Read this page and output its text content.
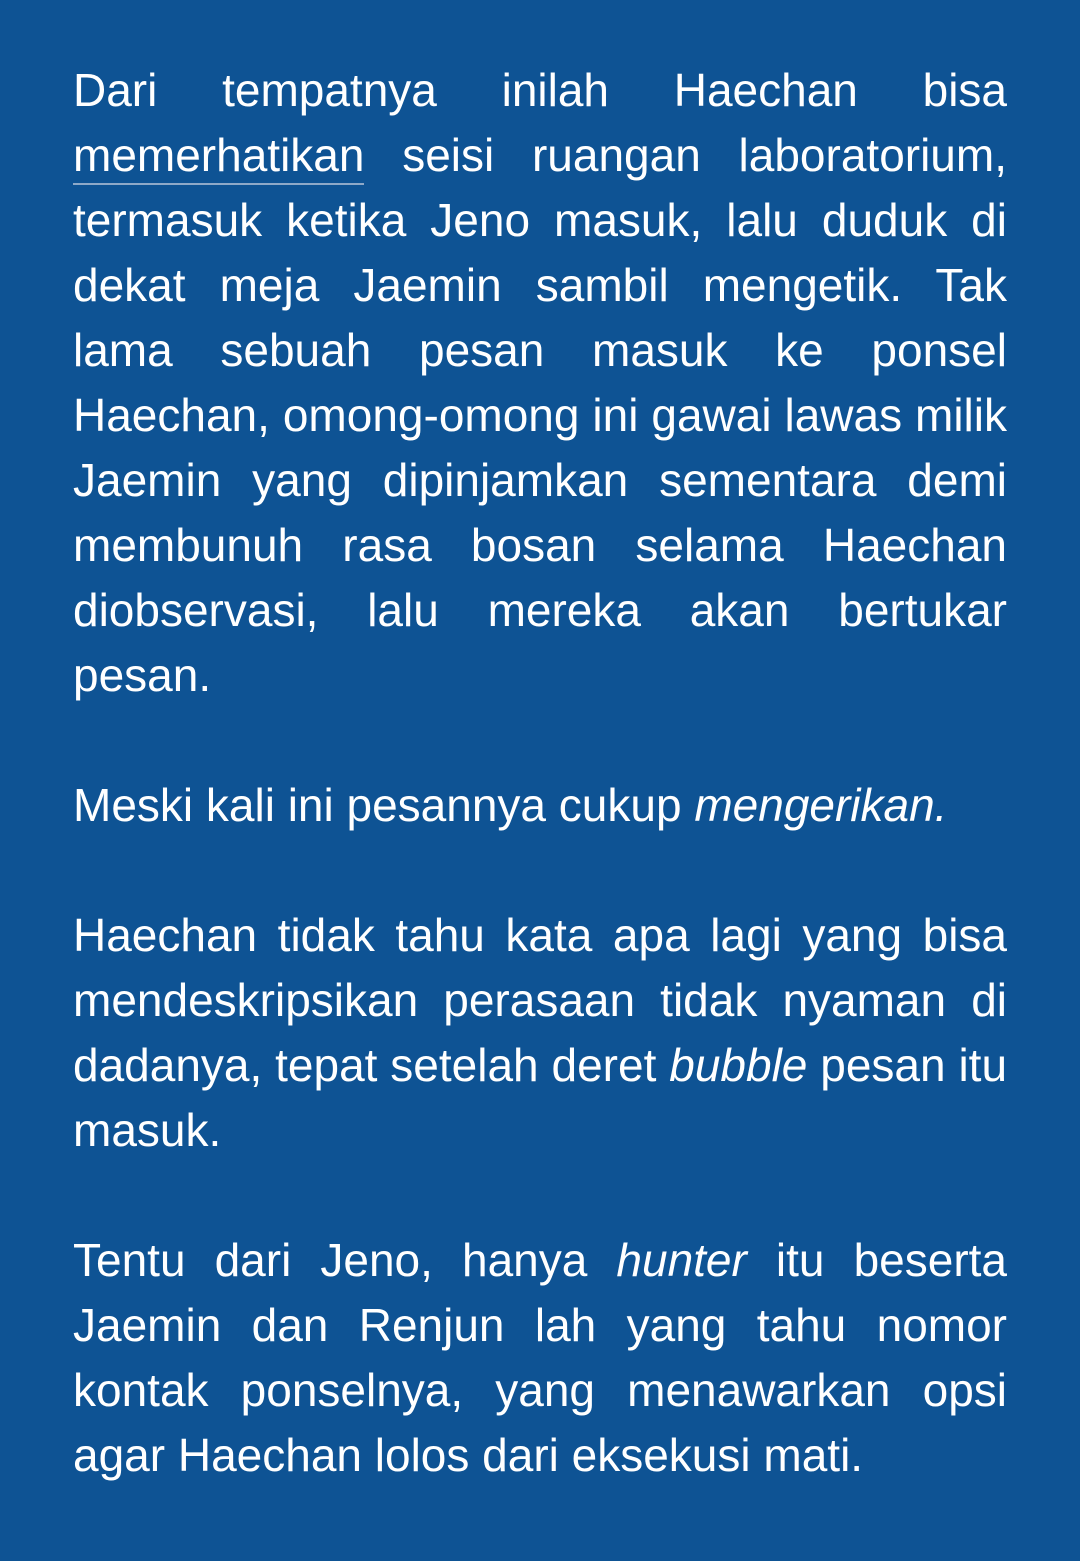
Dari tempatnya inilah Haechan bisa memerhatikan seisi ruangan laboratorium, termasuk ketika Jeno masuk, lalu duduk di dekat meja Jaemin sambil mengetik. Tak lama sebuah pesan masuk ke ponsel Haechan, omong-omong ini gawai lawas milik Jaemin yang dipinjamkan sementara demi membunuh rasa bosan selama Haechan diobservasi, lalu mereka akan bertukar pesan.

Meski kali ini pesannya cukup mengerikan.

Haechan tidak tahu kata apa lagi yang bisa mendeskripsikan perasaan tidak nyaman di dadanya, tepat setelah deret bubble pesan itu masuk.

Tentu dari Jeno, hanya hunter itu beserta Jaemin dan Renjun lah yang tahu nomor kontak ponselnya, yang menawarkan opsi agar Haechan lolos dari eksekusi mati.
